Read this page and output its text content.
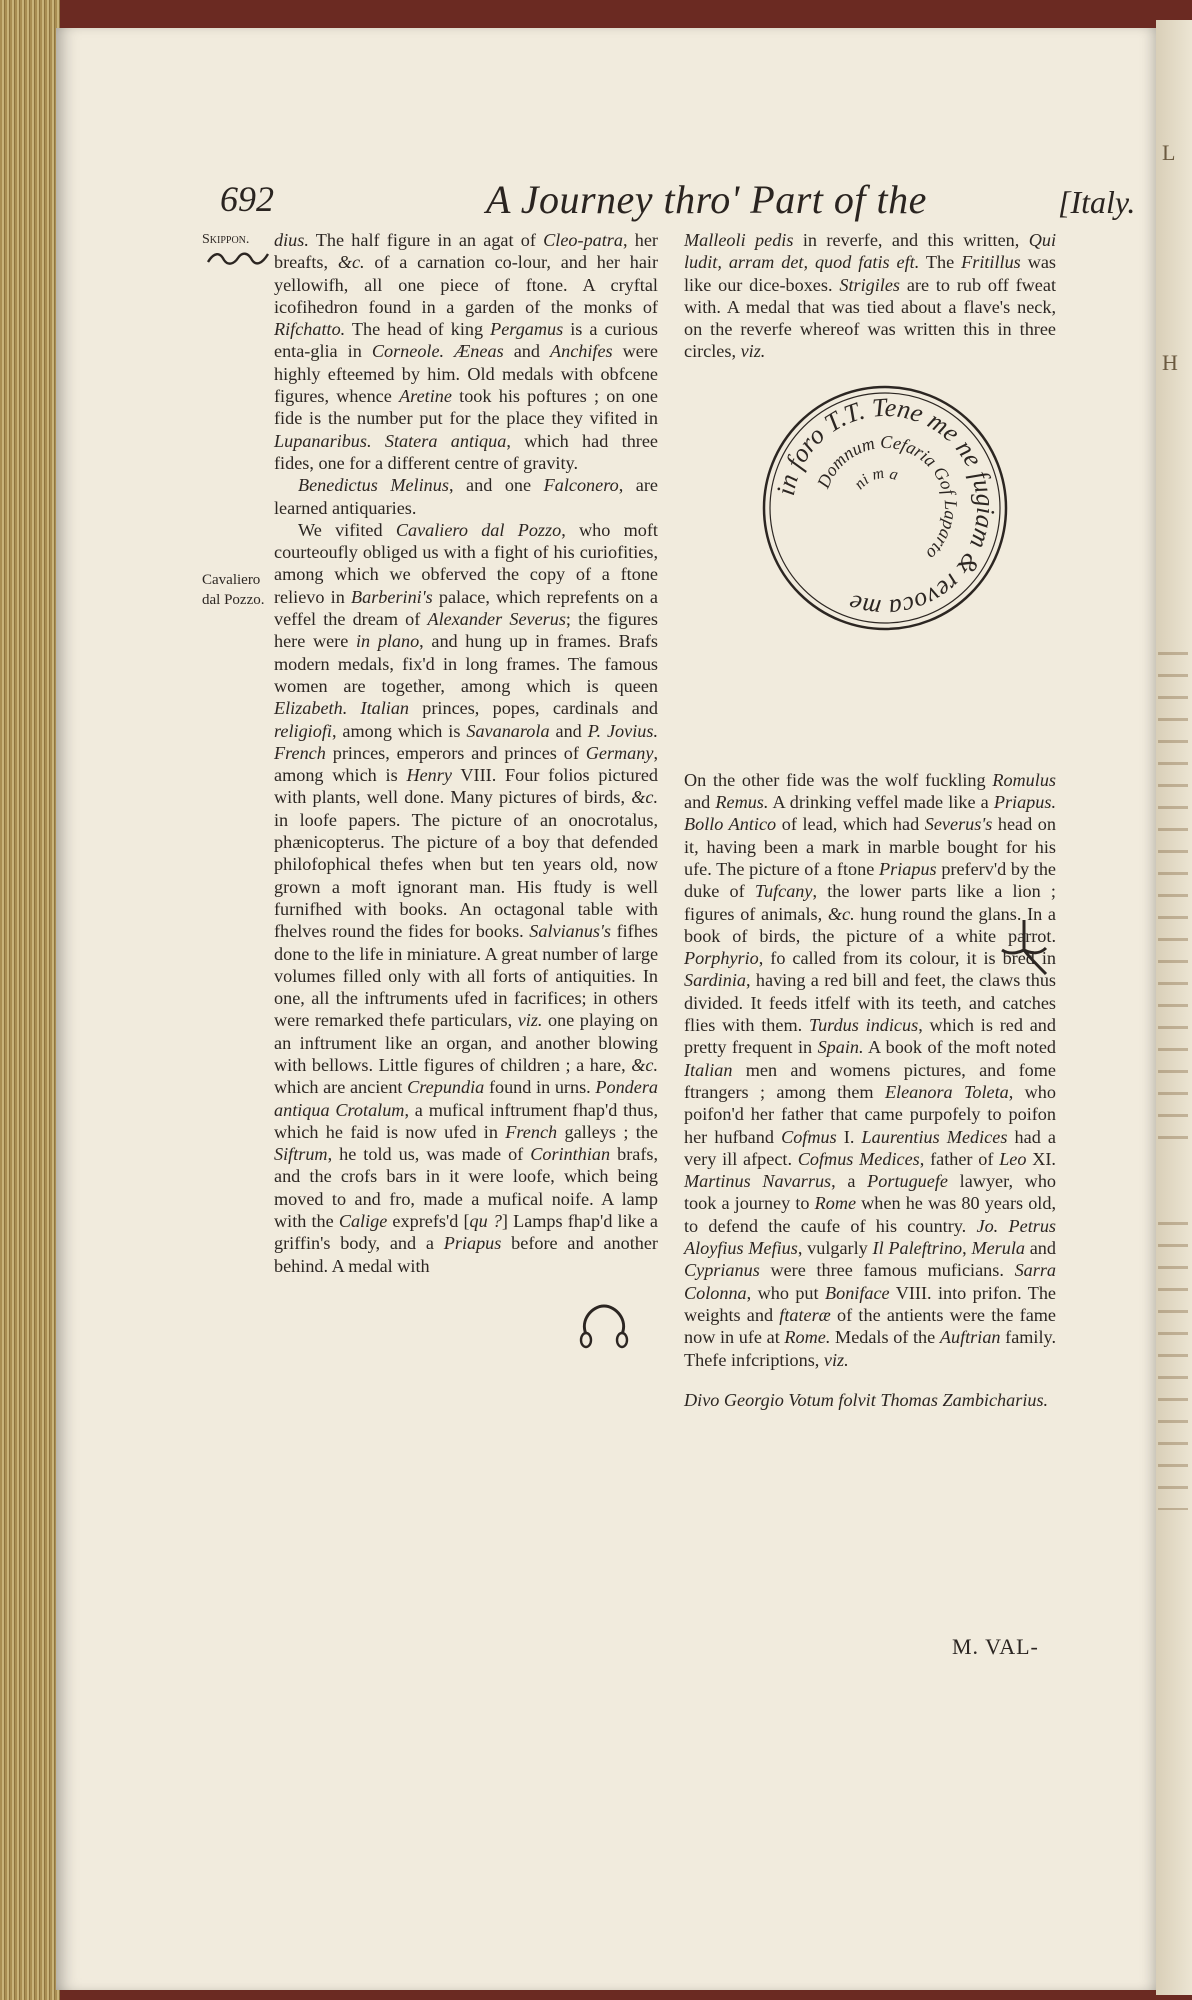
L
H
692	A Journey thro' Part of the	[Italy.
Skippon.
Cavaliero
dal Pozzo.

dius. The half figure in an agat of Cleo-patra, her breafts, &c. of a carnation co-lour, and her hair yellowifh, all one piece of ftone. A cryftal icofihedron found in a garden of the monks of Rifchatto. The head of king Pergamus is a curious enta-glia in Corneole. Æneas and Anchifes were highly efteemed by him. Old medals with obfcene figures, whence Aretine took his poftures ; on one fide is the number put for the place they vifited in Lupanaribus. Statera antiqua, which had three fides, one for a different centre of gravity.

Benedictus Melinus, and one Falconero, are learned antiquaries.

We vifited Cavaliero dal Pozzo, who moft courteoufly obliged us with a fight of his curiofities, among which we obferved the copy of a ftone relievo in Barberini's palace, which reprefents on a veffel the dream of Alexander Severus; the figures here were in plano, and hung up in frames. Brafs modern medals, fix'd in long frames. The famous women are together, among which is queen Elizabeth. Italian princes, popes, cardinals and religiofi, among which is Savanarola and P. Jovius. French princes, emperors and princes of Germany, among which is Henry VIII. Four folios pictured with plants, well done. Many pictures of birds, &c. in loofe papers. The picture of an onocrotalus, phænicopterus. The picture of a boy that defended philofophical thefes when but ten years old, now grown a moft ignorant man. His ftudy is well furnifhed with books. An octagonal table with fhelves round the fides for books. Salvianus's fifhes done to the life in miniature. A great number of large volumes filled only with all forts of antiquities. In one, all the inftruments ufed in facrifices; in others were remarked thefe particulars, viz. one playing on an inftrument like an organ, and another blowing with bellows. Little figures of children ; a hare, &c. which are ancient Crepundia found in urns. Pondera antiqua Crotalum, a mufical inftrument fhap'd thus, which he faid is now ufed in French galleys ; the Siftrum, he told us, was made of Corinthian brafs, and the crofs bars in it were loofe, which being moved to and fro, made a mufical noife. A lamp with the Calige exprefs'd [qu ?] Lamps fhap'd like a griffin's body, and a Priapus before and another behind. A medal with

Malleoli pedis in reverfe, and this written, Qui ludit, arram det, quod fatis eft. The Fritillus was like our dice-boxes. Strigiles are to rub off fweat with. A medal that was tied about a flave's neck, on the reverfe whereof was written this in three circles, viz.

On the other fide was the wolf fuckling Romulus and Remus. A drinking veffel made like a Priapus. Bollo Antico of lead, which had Severus's head on it, having been a mark in marble bought for his ufe. The picture of a ftone Priapus preferv'd by the duke of Tufcany, the lower parts like a lion ; figures of animals, &c. hung round the glans. In a book of birds, the picture of a white parrot. Porphyrio, fo called from its colour, it is bred in Sardinia, having a red bill and feet, the claws thus divided. It feeds itfelf with its teeth, and catches flies with them. Turdus indicus, which is red and pretty frequent in Spain. A book of the moft noted Italian men and womens pictures, and fome ftrangers ; among them Eleanora Toleta, who poifon'd her father that came purpofely to poifon her hufband Cofmus I. Laurentius Medices had a very ill afpect. Cofmus Medices, father of Leo XI. Martinus Navarrus, a Portuguefe lawyer, who took a journey to Rome when he was 80 years old, to defend the caufe of his country. Jo. Petrus Aloyfius Mefius, vulgarly Il Paleftrino, Merula and Cyprianus were three famous muficians. Sarra Colonna, who put Boniface VIII. into prifon. The weights and ftateræ of the antients were the fame now in ufe at Rome. Medals of the Auftrian family. Thefe infcriptions, viz.

Divo Georgio Votum folvit Thomas Zambicharius.

in foro T.T. Tene me ne fugiam & revoca me
Domnum Cefaria Gof Laparto
ni m a
M. VAL-
